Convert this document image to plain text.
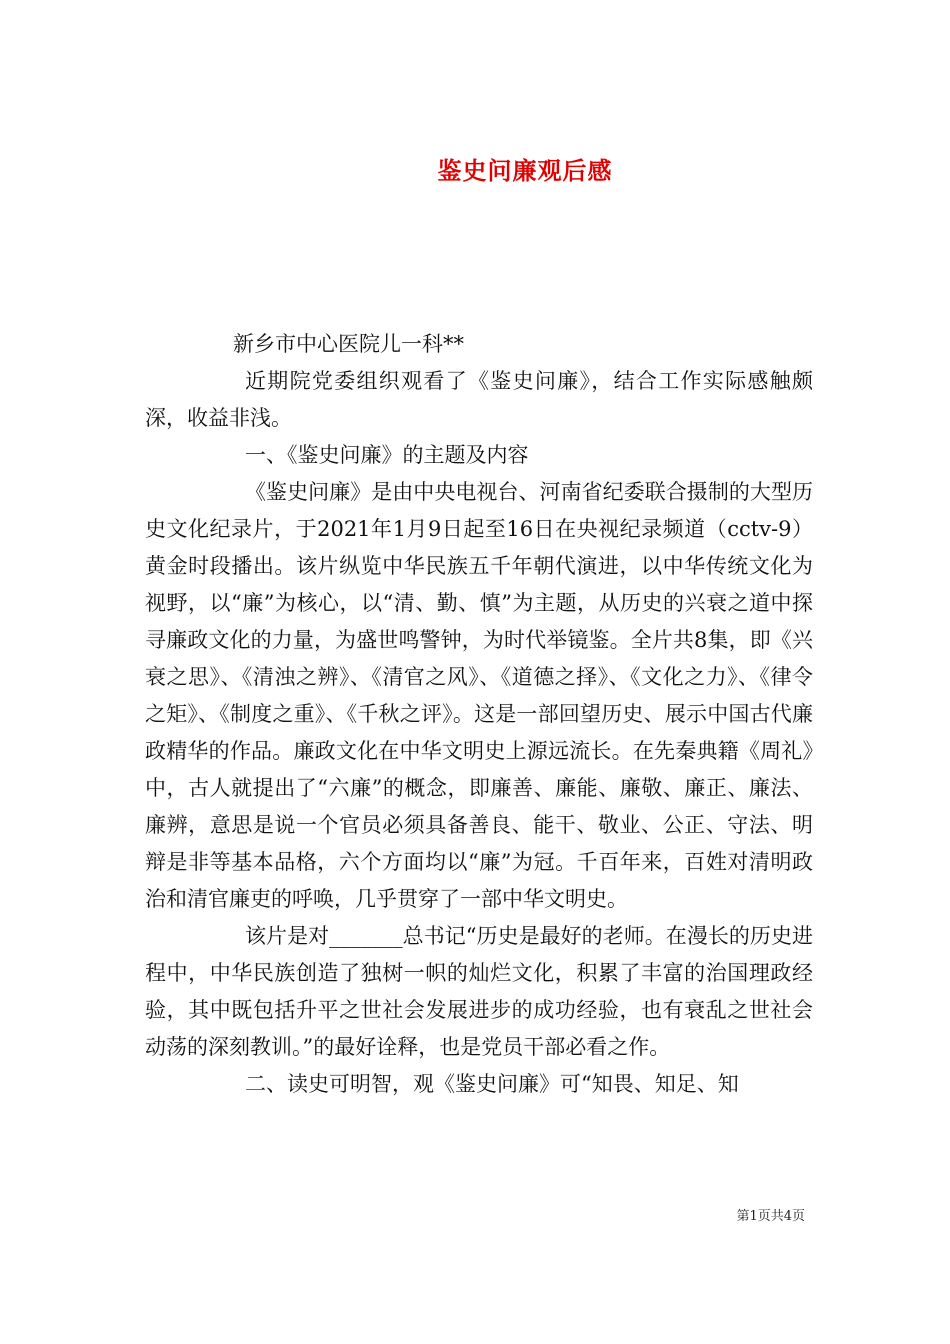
鉴史问廉观后感

新乡市中心医院儿一科**

近期院党委组织观看了《鉴史问廉》，结合工作实际感触颇深，收益非浅。

一、《鉴史问廉》的主题及内容

《鉴史问廉》是由中央电视台、河南省纪委联合摄制的大型历史文化纪录片，于2021年1月9日起至16日在央视纪录频道（cctv-9）黄金时段播出。该片纵览中华民族五千年朝代演进，以中华传统文化为视野，以“廉”为核心，以“清、勤、慎”为主题，从历史的兴衰之道中探寻廉政文化的力量，为盛世鸣警钟，为时代举镜鉴。全片共8集，即《兴衰之思》、《清浊之辨》、《清官之风》、《道德之择》、《文化之力》、《律令之矩》、《制度之重》、《千秋之评》。这是一部回望历史、展示中国古代廉政精华的作品。廉政文化在中华文明史上源远流长。在先秦典籍《周礼》中，古人就提出了“六廉”的概念，即廉善、廉能、廉敬、廉正、廉法、廉辨，意思是说一个官员必须具备善良、能干、敬业、公正、守法、明辩是非等基本品格，六个方面均以“廉”为冠。千百年来，百姓对清明政治和清官廉吏的呼唤，几乎贯穿了一部中华文明史。

该片是对_______总书记“历史是最好的老师。在漫长的历史进程中，中华民族创造了独树一帜的灿烂文化，积累了丰富的治国理政经验，其中既包括升平之世社会发展进步的成功经验，也有衰乱之世社会动荡的深刻教训。”的最好诠释，也是党员干部必看之作。

二、读史可明智，观《鉴史问廉》可“知畏、知足、知

第1页共4页
